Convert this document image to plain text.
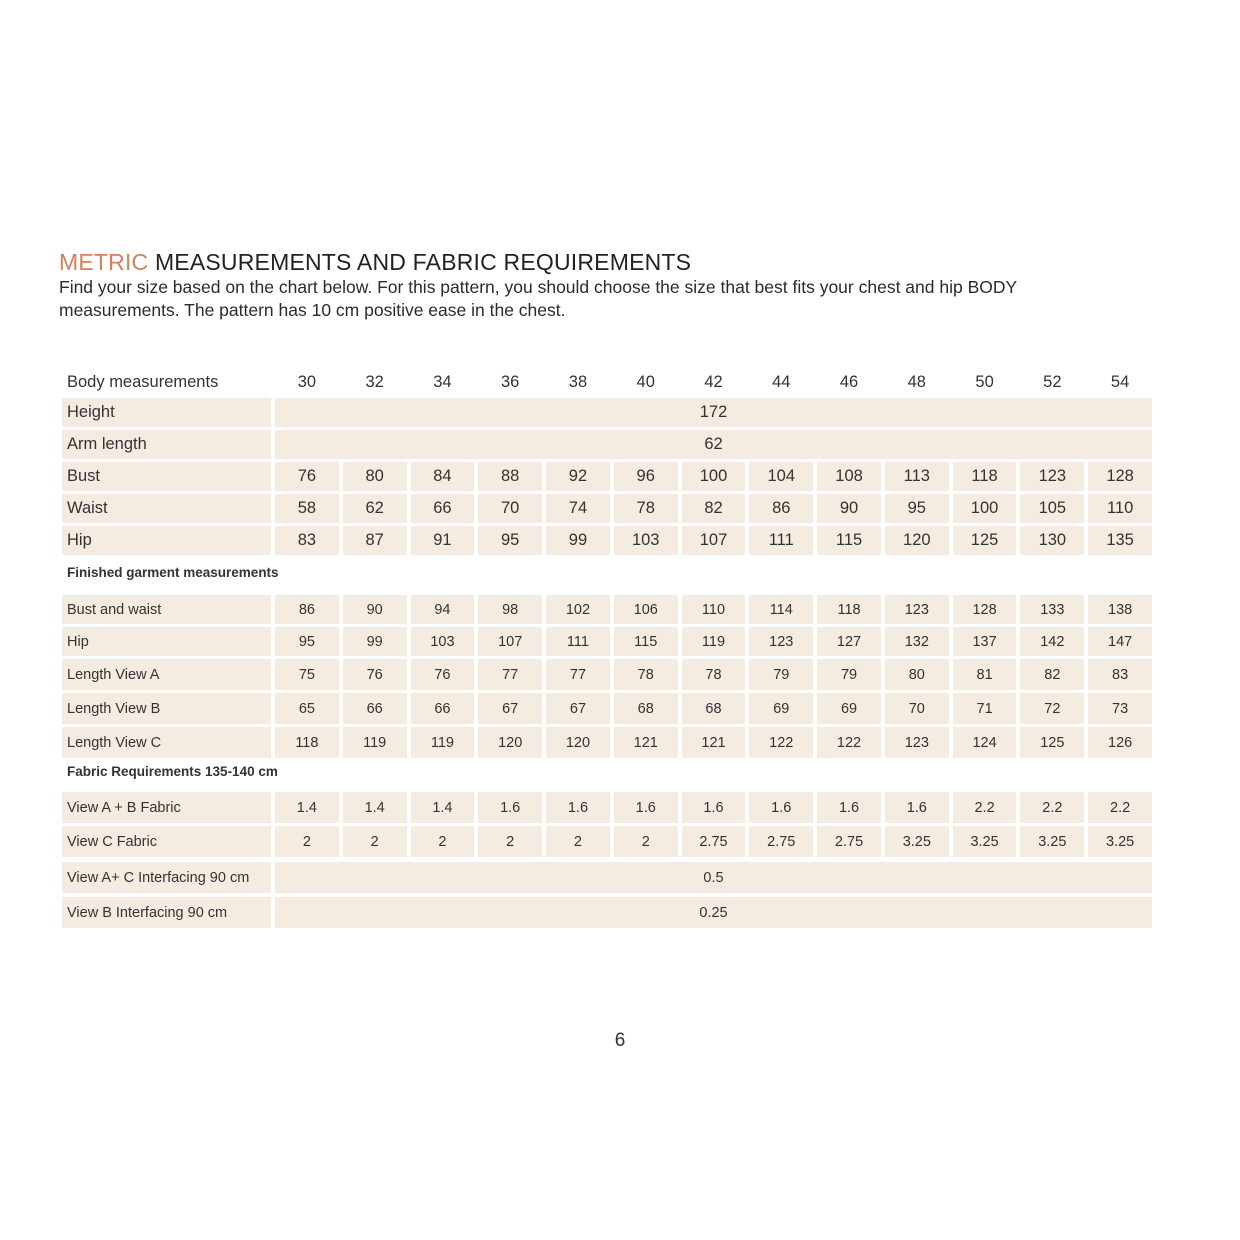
METRIC MEASUREMENTS AND FABRIC REQUIREMENTS
Find your size based on the chart below. For this pattern, you should choose the size that best fits your chest and hip BODY
measurements. The pattern has 10 cm positive ease in the chest.
Body measurements	30	32	34	36	38	40	42	44	46	48	50	52	54
Height	172
Arm length	62
Bust	76	80	84	88	92	96	100	104	108	113	118	123	128
Waist	58	62	66	70	74	78	82	86	90	95	100	105	110
Hip	83	87	91	95	99	103	107	111	115	120	125	130	135
Finished garment measurements
Bust and waist	86	90	94	98	102	106	110	114	118	123	128	133	138
Hip	95	99	103	107	111	115	119	123	127	132	137	142	147
Length View A	75	76	76	77	77	78	78	79	79	80	81	82	83
Length View B	65	66	66	67	67	68	68	69	69	70	71	72	73
Length View C	118	119	119	120	120	121	121	122	122	123	124	125	126
Fabric Requirements 135-140 cm
View A + B Fabric	1.4	1.4	1.4	1.6	1.6	1.6	1.6	1.6	1.6	1.6	2.2	2.2	2.2
View C Fabric	2	2	2	2	2	2	2.75	2.75	2.75	3.25	3.25	3.25	3.25
View A+ C Interfacing 90 cm	0.5
View B Interfacing 90 cm	0.25
6
